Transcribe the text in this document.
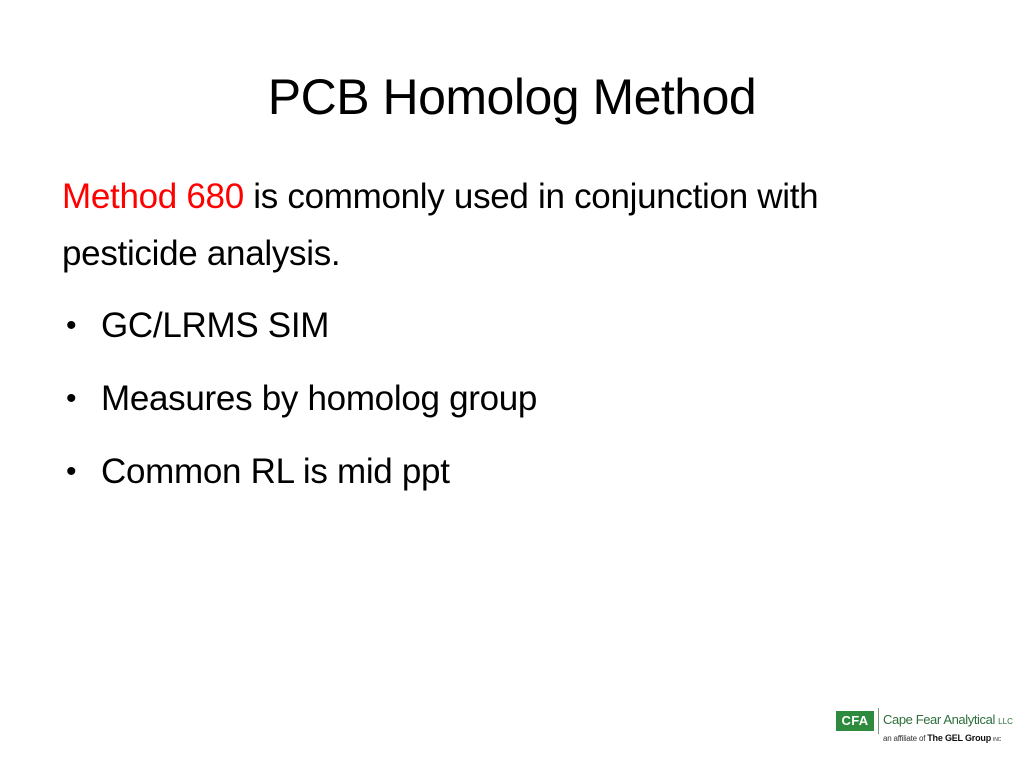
PCB Homolog Method
Method 680 is commonly used in conjunction with pesticide analysis.
• GC/LRMS SIM
• Measures by homolog group
• Common RL is mid ppt
CFA	Cape Fear Analytical LLC
an affiliate of The GEL Group INC
